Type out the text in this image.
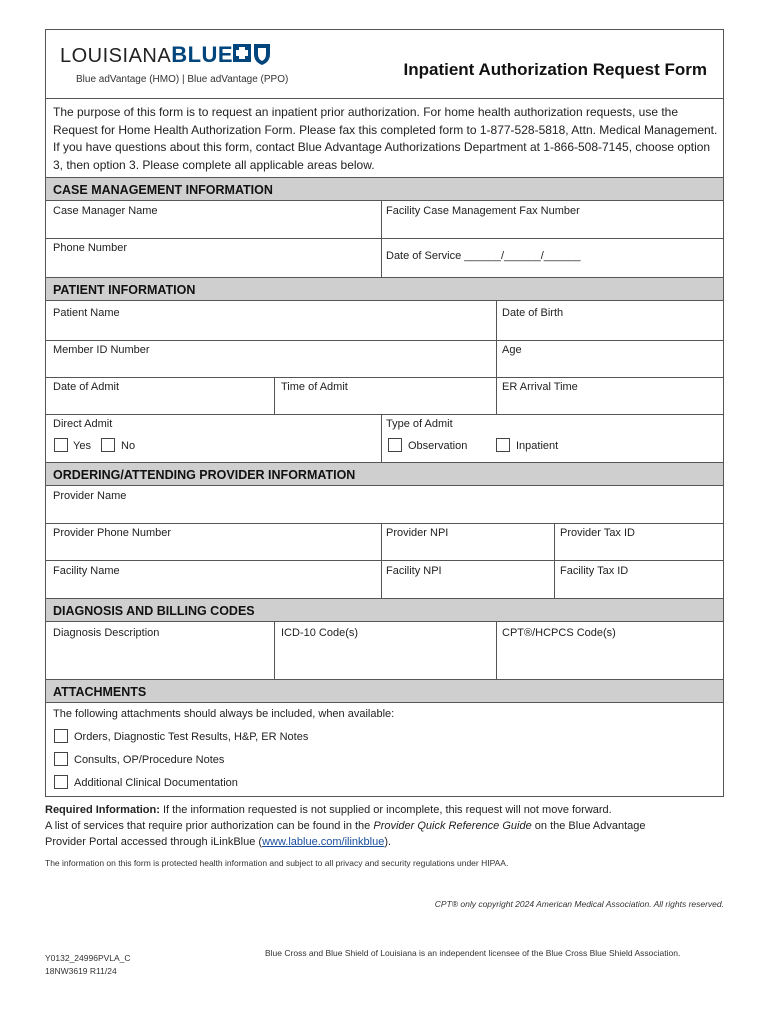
LOUISIANABLUE
Blue adVantage (HMO) | Blue adVantage (PPO)
Inpatient Authorization Request Form
The purpose of this form is to request an inpatient prior authorization. For home health authorization requests, use the Request for Home Health Authorization Form. Please fax this completed form to 1-877-528-5818, Attn. Medical Management. If you have questions about this form, contact Blue Advantage Authorizations Department at 1-866-508-7145, choose option 3, then option 3. Please complete all applicable areas below.
CASE MANAGEMENT INFORMATION
Case Manager Name	Facility Case Management Fax Number
Phone Number
Date of Service ______/______/______
PATIENT INFORMATION
Patient Name	Date of Birth
Member ID Number	Age
Date of Admit	Time of Admit	ER Arrival Time
Direct Admit
Yes	No
Type of Admit
Observation	Inpatient
ORDERING/ATTENDING PROVIDER INFORMATION
Provider Name
Provider Phone Number	Provider NPI	Provider Tax ID
Facility Name	Facility NPI	Facility Tax ID
DIAGNOSIS AND BILLING CODES
Diagnosis Description	ICD-10 Code(s)	CPT®/HCPCS Code(s)
ATTACHMENTS
The following attachments should always be included, when available:
Orders, Diagnostic Test Results, H&P, ER Notes
Consults, OP/Procedure Notes
Additional Clinical Documentation
Required Information: If the information requested is not supplied or incomplete, this request will not move forward.
A list of services that require prior authorization can be found in the Provider Quick Reference Guide on the Blue Advantage
Provider Portal accessed through iLinkBlue (www.lablue.com/ilinkblue).
The information on this form is protected health information and subject to all privacy and security regulations under HIPAA.
CPT® only copyright 2024 American Medical Association. All rights reserved.
Y0132_24996PVLA_C
18NW3619 R11/24
Blue Cross and Blue Shield of Louisiana is an independent licensee of the Blue Cross Blue Shield Association.
